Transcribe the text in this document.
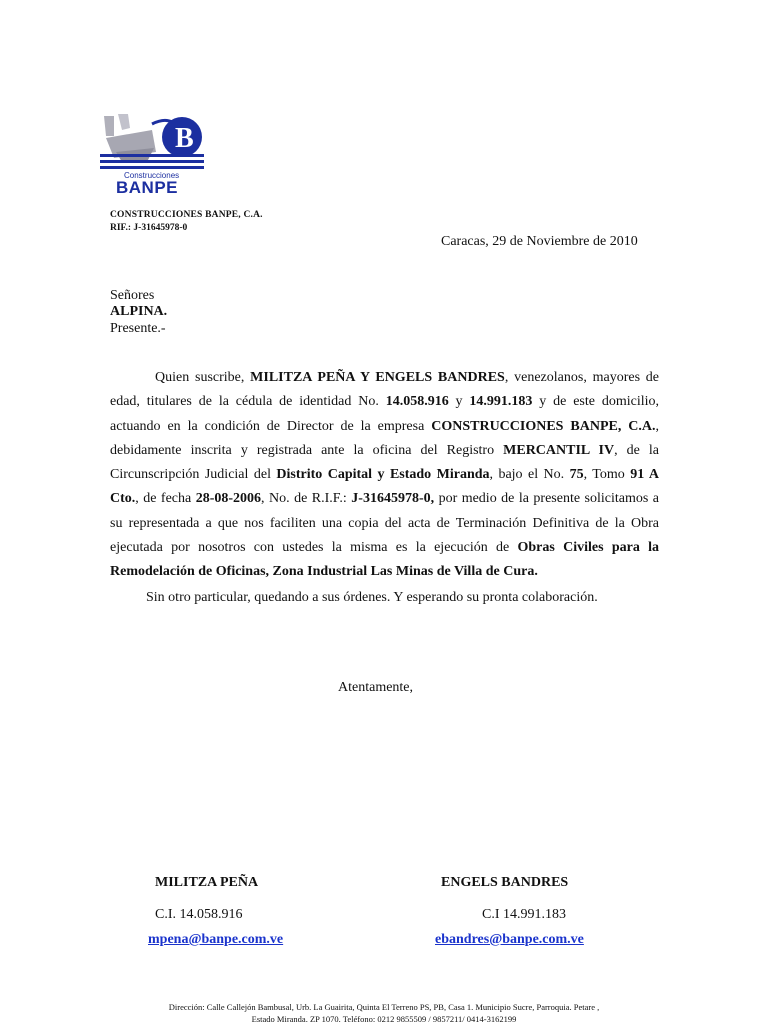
B
Construcciones
BANPE
CONSTRUCCIONES BANPE, C.A.
RIF.: J-31645978-0
Caracas, 29 de Noviembre de 2010
Señores
ALPINA.
Presente.-

Quien suscribe, MILITZA PEÑA Y ENGELS BANDRES, venezolanos, mayores de edad, titulares de la cédula de identidad No. 14.058.916 y 14.991.183 y de este domicilio, actuando en la condición de Director de la empresa CONSTRUCCIONES BANPE, C.A., debidamente inscrita y registrada ante la oficina del Registro MERCANTIL IV, de la Circunscripción Judicial del Distrito Capital y Estado Miranda, bajo el No. 75, Tomo 91 A Cto., de fecha 28-08-2006, No. de R.I.F.: J-31645978-0, por medio de la presente solicitamos a su representada a que nos faciliten una copia del acta de Terminación Definitiva de la Obra ejecutada por nosotros con ustedes la misma es la ejecución de Obras Civiles para la Remodelación de Oficinas, Zona Industrial Las Minas de Villa de Cura.

Sin otro particular, quedando a sus órdenes. Y esperando su pronta colaboración.
Atentamente,
MILITZA PEÑA
C.I. 14.058.916
mpena@banpe.com.ve
ENGELS BANDRES
C.I 14.991.183
ebandres@banpe.com.ve
Dirección: Calle Callejón Bambusal, Urb. La Guairita, Quinta El Terreno PS, PB, Casa 1. Municipio Sucre, Parroquia. Petare ,
Estado Miranda. ZP 1070. Teléfono: 0212 9855509 / 9857211/ 0414-3162199
